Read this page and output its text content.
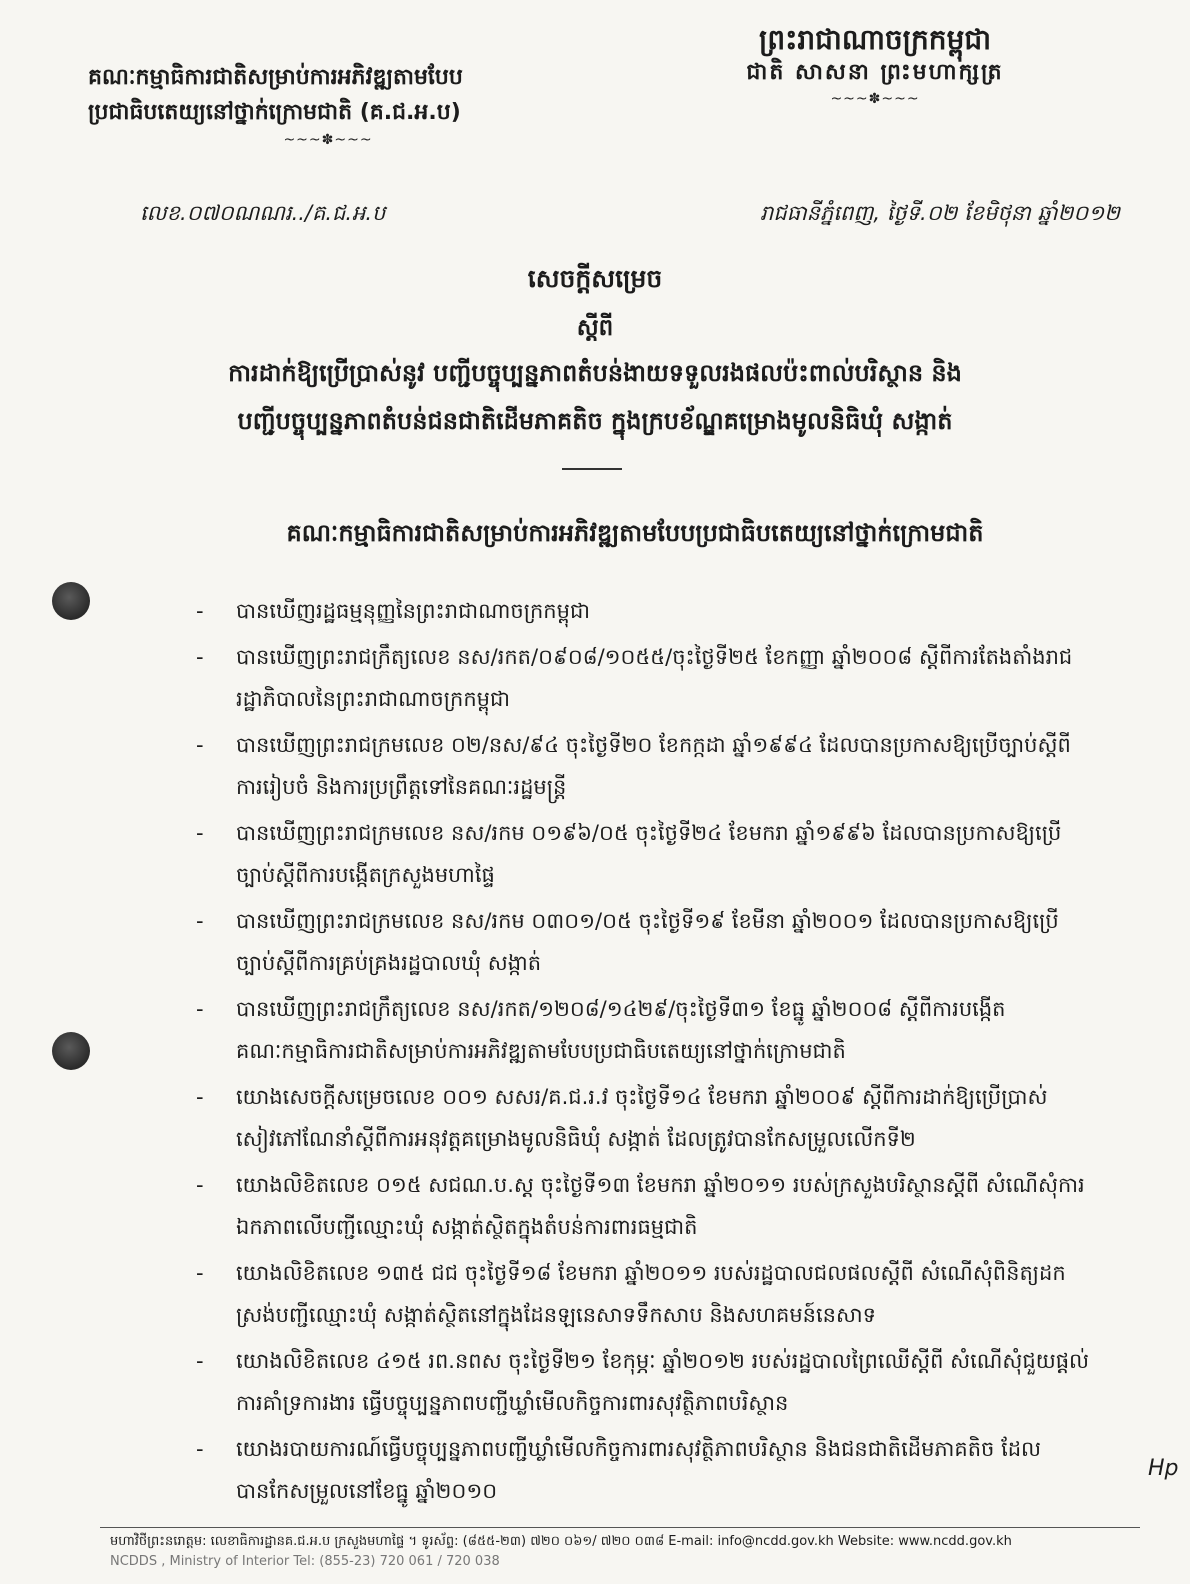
ព្រះរាជាណាចក្រកម្ពុជា
ជាតិ សាសនា ព្រះមហាក្សត្រ
~~~✽~~~
គណៈកម្មាធិការជាតិសម្រាប់ការអភិវឌ្ឍតាមបែប
ប្រជាធិបតេយ្យនៅថ្នាក់ក្រោមជាតិ (គ.ជ.អ.ប)
~~~✽~~~
លេខ.០៧០ណណរ../គ.ជ.អ.ប	រាជធានីភ្នំពេញ, ថ្ងៃទី.០២ ខែមិថុនា ឆ្នាំ២០១២
សេចក្តីសម្រេច
ស្តីពី
ការដាក់ឱ្យប្រើប្រាស់នូវ បញ្ជីបច្ចុប្បន្នភាពតំបន់ងាយទទួលរងផលប៉ះពាល់បរិស្ថាន និង
បញ្ជីបច្ចុប្បន្នភាពតំបន់ជនជាតិដើមភាគតិច ក្នុងក្របខ័ណ្ឌគម្រោងមូលនិធិឃុំ សង្កាត់
គណៈកម្មាធិការជាតិសម្រាប់ការអភិវឌ្ឍតាមបែបប្រជាធិបតេយ្យនៅថ្នាក់ក្រោមជាតិ
- បានឃើញរដ្ឋធម្មនុញ្ញនៃព្រះរាជាណាចក្រកម្ពុជា
- បានឃើញព្រះរាជក្រឹត្យលេខ នស/រកត/០៩០៨/១០៥៥/ចុះថ្ងៃទី២៥ ខែកញ្ញា ឆ្នាំ២០០៨ ស្តីពីការតែងតាំងរាជរដ្ឋាភិបាលនៃព្រះរាជាណាចក្រកម្ពុជា
- បានឃើញព្រះរាជក្រមលេខ ០២/នស/៩៤ ចុះថ្ងៃទី២០ ខែកក្កដា ឆ្នាំ១៩៩៤ ដែលបានប្រកាសឱ្យប្រើច្បាប់ស្តីពីការរៀបចំ និងការប្រព្រឹត្តទៅនៃគណៈរដ្ឋមន្ត្រី
- បានឃើញព្រះរាជក្រមលេខ នស/រកម ០១៩៦/០៥ ចុះថ្ងៃទី២៤ ខែមករា ឆ្នាំ១៩៩៦ ដែលបានប្រកាសឱ្យប្រើច្បាប់ស្តីពីការបង្កើតក្រសួងមហាផ្ទៃ
- បានឃើញព្រះរាជក្រមលេខ នស/រកម ០៣០១/០៥ ចុះថ្ងៃទី១៩ ខែមីនា ឆ្នាំ២០០១ ដែលបានប្រកាសឱ្យប្រើច្បាប់ស្តីពីការគ្រប់គ្រងរដ្ឋបាលឃុំ សង្កាត់
- បានឃើញព្រះរាជក្រឹត្យលេខ នស/រកត/១២០៨/១៤២៩/ចុះថ្ងៃទី៣១ ខែធ្នូ ឆ្នាំ២០០៨ ស្តីពីការបង្កើតគណៈកម្មាធិការជាតិសម្រាប់ការអភិវឌ្ឍតាមបែបប្រជាធិបតេយ្យនៅថ្នាក់ក្រោមជាតិ
- យោងសេចក្តីសម្រេចលេខ ០០១ សសរ/គ.ជ.រ.វ ចុះថ្ងៃទី១៤ ខែមករា ឆ្នាំ២០០៩ ស្តីពីការដាក់ឱ្យប្រើប្រាស់សៀវភៅណែនាំស្តីពីការអនុវត្តគម្រោងមូលនិធិឃុំ សង្កាត់ ដែលត្រូវបានកែសម្រួលលើកទី២
- យោងលិខិតលេខ ០១៥ សជណ.ប.ស្ត ចុះថ្ងៃទី១៣ ខែមករា ឆ្នាំ២០១១ របស់ក្រសួងបរិស្ថានស្តីពី សំណើសុំការឯកភាពលើបញ្ជីឈ្មោះឃុំ សង្កាត់ស្ថិតក្នុងតំបន់ការពារធម្មជាតិ
- យោងលិខិតលេខ ១៣៥ ជជ ចុះថ្ងៃទី១៨ ខែមករា ឆ្នាំ២០១១ របស់រដ្ឋបាលជលផលស្តីពី សំណើសុំពិនិត្យដកស្រង់បញ្ជីឈ្មោះឃុំ សង្កាត់ស្ថិតនៅក្នុងដែនឡនេសាទទឹកសាប និងសហគមន៍នេសាទ
- យោងលិខិតលេខ ៤១៥ រព.នពស ចុះថ្ងៃទី២១ ខែកុម្ភៈ ឆ្នាំ២០១២ របស់រដ្ឋបាលព្រៃឈើស្តីពី សំណើសុំជួយផ្តល់ការគាំទ្រការងារ ធ្វើបច្ចុប្បន្នភាពបញ្ជីឃ្លាំមើលកិច្ចការពារសុវត្ថិភាពបរិស្ថាន
- យោងរបាយការណ៍ធ្វើបច្ចុប្បន្នភាពបញ្ជីឃ្លាំមើលកិច្ចការពារសុវត្ថិភាពបរិស្ថាន និងជនជាតិដើមភាគតិច ដែលបានកែសម្រួលនៅខែធ្នូ ឆ្នាំ២០១០
Hp
មហាវិថីព្រះនរោត្តម: លេខាធិការដ្ឋានគ.ជ.អ.ប ក្រសួងមហាផ្ទៃ ។ ទូរស័ព្ទ: (៨៥៥-២៣) ៧២០ ០៦១/ ៧២០ ០៣៨ E-mail: info@ncdd.gov.kh Website: www.ncdd.gov.kh
NCDDS , Ministry of Interior Tel: (855-23) 720 061 / 720 038
